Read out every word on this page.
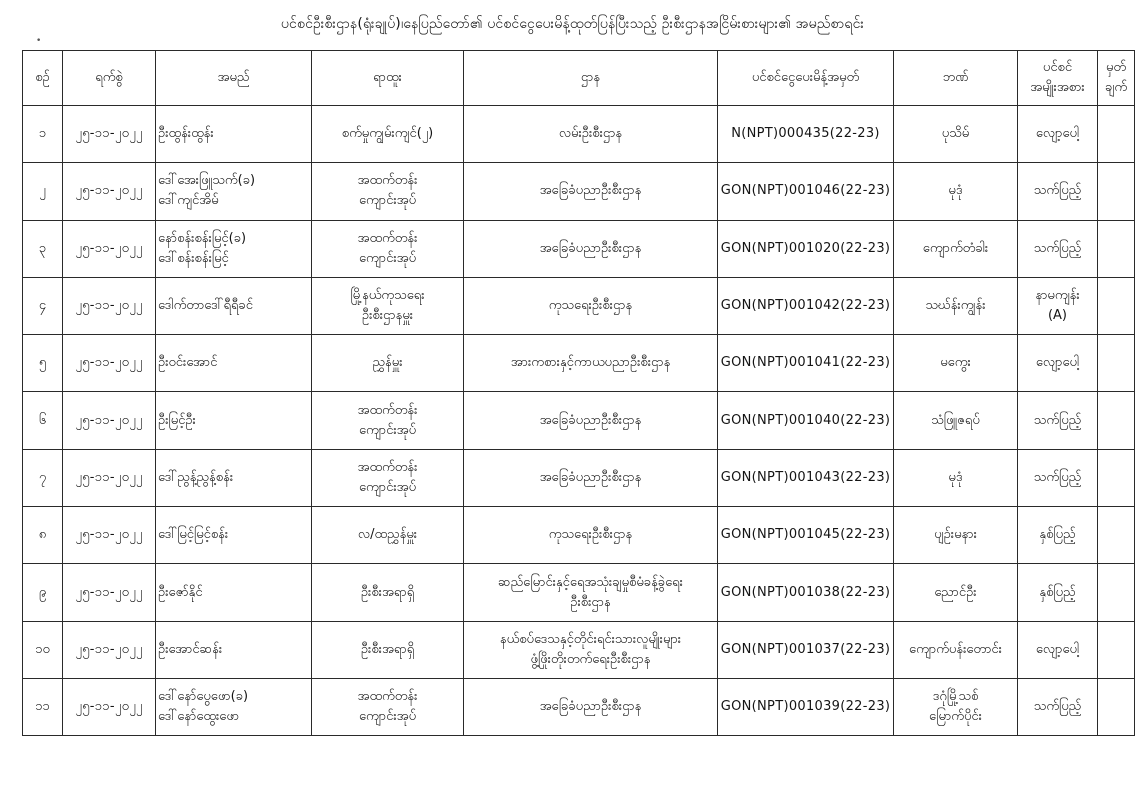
ပင်စင်ဦးစီးဌာန(ရုံးချုပ်)၊နေပြည်တော်၏ ပင်စင်ငွေပေးမိန့်ထုတ်ပြန်ပြီးသည့် ဦးစီးဌာနအငြိမ်းစားများ၏ အမည်စာရင်း
•
စဉ်	ရက်စွဲ	အမည်	ရာထူး	ဌာန	ပင်စင်ငွေပေးမိန့်အမှတ်	ဘဏ်	ပင်စင်
အမျိုးအစား	မှတ်
ချက်

၁	၂၅-၁၁-၂၀၂၂	ဦးထွန်းထွန်း	စက်မှုကျွမ်းကျင်(၂)	လမ်းဦးစီးဌာန	N(NPT)000435(22-23)	ပုသိမ်	လျော့ပေါ့	

၂	၂၅-၁၁-၂၀၂၂	ဒေါ်အေးဖြူသက်(ခ)
ဒေါ်ကျင်အိမ်	အထက်တန်း
ကျောင်းအုပ်	အခြေခံပညာဦးစီးဌာန	GON(NPT)001046(22-23)	မုဒုံ	သက်ပြည့်	

၃	၂၅-၁၁-၂၀၂၂	နော်စန်းစန်းမြင့်(ခ)
ဒေါ်စန်းစန်းမြင့်	အထက်တန်း
ကျောင်းအုပ်	အခြေခံပညာဦးစီးဌာန	GON(NPT)001020(22-23)	ကျောက်တံခါး	သက်ပြည့်	

၄	၂၅-၁၁-၂၀၂၂	ဒေါက်တာဒေါ်ရီရီခင်	မြို့နယ်ကုသရေး
ဦးစီးဌာနမှူး	ကုသရေးဦးစီးဌာန	GON(NPT)001042(22-23)	သဃ်န်းကျွန်း	နာမကျန်း
(A)	

၅	၂၅-၁၁-၂၀၂၂	ဦးဝင်းအောင်	ညွှန်မှူး	အားကစားနှင့်ကာယပညာဦးစီးဌာန	GON(NPT)001041(22-23)	မကွေး	လျော့ပေါ့	

၆	၂၅-၁၁-၂၀၂၂	ဦးမြင့်ဦး	အထက်တန်း
ကျောင်းအုပ်	အခြေခံပညာဦးစီးဌာန	GON(NPT)001040(22-23)	သံဖြူဇရပ်	သက်ပြည့်	

၇	၂၅-၁၁-၂၀၂၂	ဒေါ်ညွန့်ညွန့်စန်း	အထက်တန်း
ကျောင်းအုပ်	အခြေခံပညာဦးစီးဌာန	GON(NPT)001043(22-23)	မုဒုံ	သက်ပြည့်	

၈	၂၅-၁၁-၂၀၂၂	ဒေါ်မြင့်မြင့်စန်း	လ/ထညွှန်မှူး	ကုသရေးဦးစီးဌာန	GON(NPT)001045(22-23)	ပျဉ်းမနား	နှစ်ပြည့်	

၉	၂၅-၁၁-၂၀၂၂	ဦးဇော်နိုင်	ဦးစီးအရာရှိ	ဆည်မြောင်းနှင့်ရေအသုံးချမှုစီမံခန့်ခွဲရေး
ဦးစီးဌာန	GON(NPT)001038(22-23)	ညောင်ဦး	နှစ်ပြည့်	

၁၀	၂၅-၁၁-၂၀၂၂	ဦးအောင်ဆန်း	ဦးစီးအရာရှိ	နယ်စပ်ဒေသနှင့်တိုင်းရင်းသားလူမျိုးများ
ဖွံ့ဖြိုးတိုးတက်ရေးဦးစီးဌာန	GON(NPT)001037(22-23)	ကျောက်ပန်းတောင်း	လျော့ပေါ့	

၁၁	၂၅-၁၁-၂၀၂၂	ဒေါ်နော်ပွေဖော(ခ)
ဒေါ်နော်ထွေးဖော	အထက်တန်း
ကျောင်းအုပ်	အခြေခံပညာဦးစီးဌာန	GON(NPT)001039(22-23)	ဒဂုံမြို့သစ်
မြောက်ပိုင်း	သက်ပြည့်	
